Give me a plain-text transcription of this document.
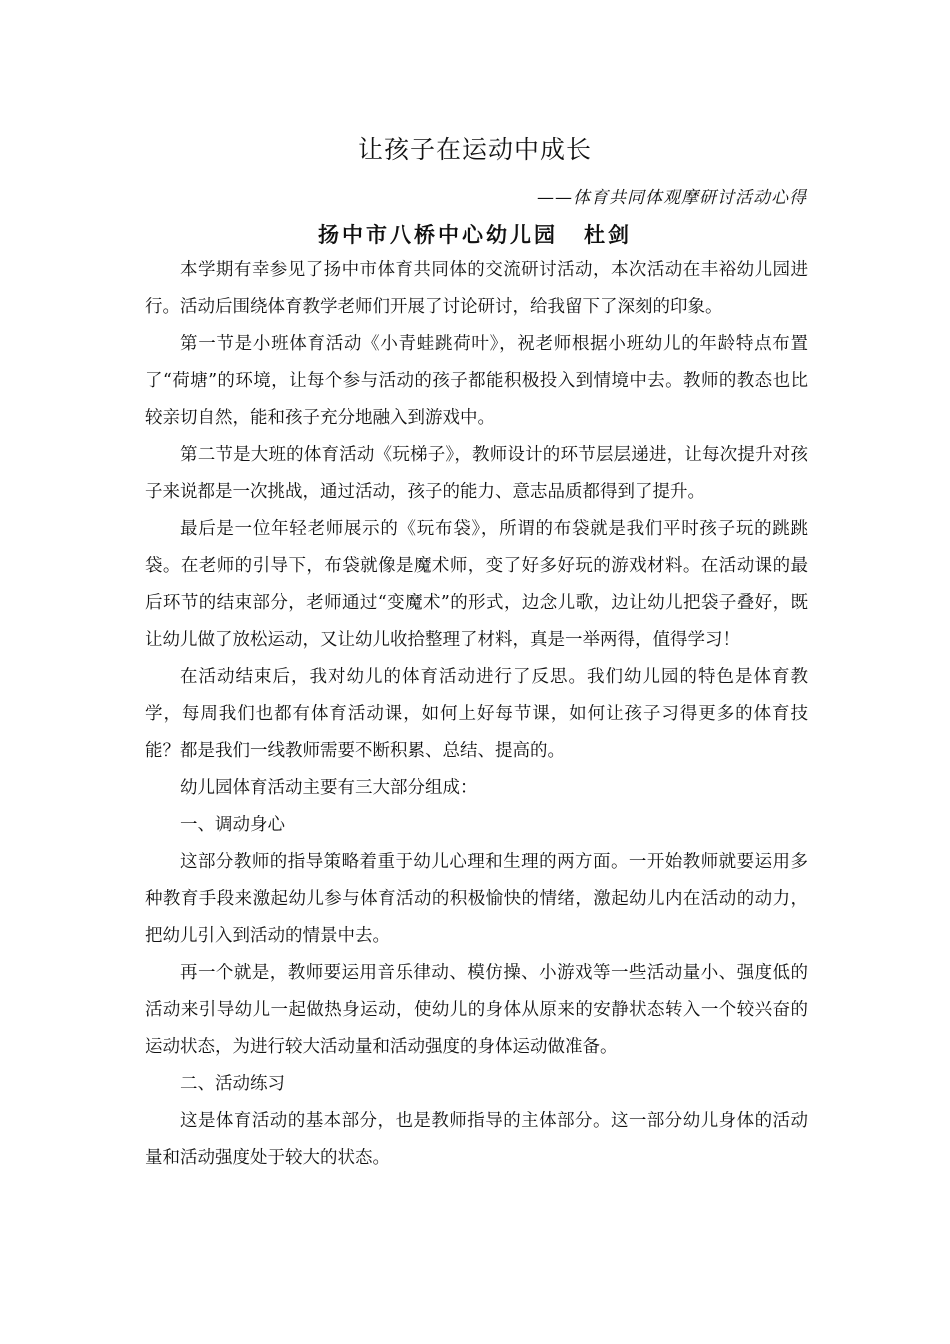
让孩子在运动中成长
——体育共同体观摩研讨活动心得
扬中市八桥中心幼儿园 杜剑

本学期有幸参见了扬中市体育共同体的交流研讨活动，本次活动在丰裕幼儿园进行。活动后围绕体育教学老师们开展了讨论研讨，给我留下了深刻的印象。

第一节是小班体育活动《小青蛙跳荷叶》，祝老师根据小班幼儿的年龄特点布置了“荷塘”的环境，让每个参与活动的孩子都能积极投入到情境中去。教师的教态也比较亲切自然，能和孩子充分地融入到游戏中。

第二节是大班的体育活动《玩梯子》，教师设计的环节层层递进，让每次提升对孩子来说都是一次挑战，通过活动，孩子的能力、意志品质都得到了提升。

最后是一位年轻老师展示的《玩布袋》，所谓的布袋就是我们平时孩子玩的跳跳袋。在老师的引导下，布袋就像是魔术师，变了好多好玩的游戏材料。在活动课的最后环节的结束部分，老师通过“变魔术”的形式，边念儿歌，边让幼儿把袋子叠好，既让幼儿做了放松运动，又让幼儿收拾整理了材料，真是一举两得，值得学习！

在活动结束后，我对幼儿的体育活动进行了反思。我们幼儿园的特色是体育教学，每周我们也都有体育活动课，如何上好每节课，如何让孩子习得更多的体育技能？都是我们一线教师需要不断积累、总结、提高的。

幼儿园体育活动主要有三大部分组成：

一、调动身心

这部分教师的指导策略着重于幼儿心理和生理的两方面。一开始教师就要运用多种教育手段来激起幼儿参与体育活动的积极愉快的情绪，激起幼儿内在活动的动力，把幼儿引入到活动的情景中去。

再一个就是，教师要运用音乐律动、模仿操、小游戏等一些活动量小、强度低的活动来引导幼儿一起做热身运动，使幼儿的身体从原来的安静状态转入一个较兴奋的运动状态，为进行较大活动量和活动强度的身体运动做准备。

二、活动练习

这是体育活动的基本部分，也是教师指导的主体部分。这一部分幼儿身体的活动量和活动强度处于较大的状态。
